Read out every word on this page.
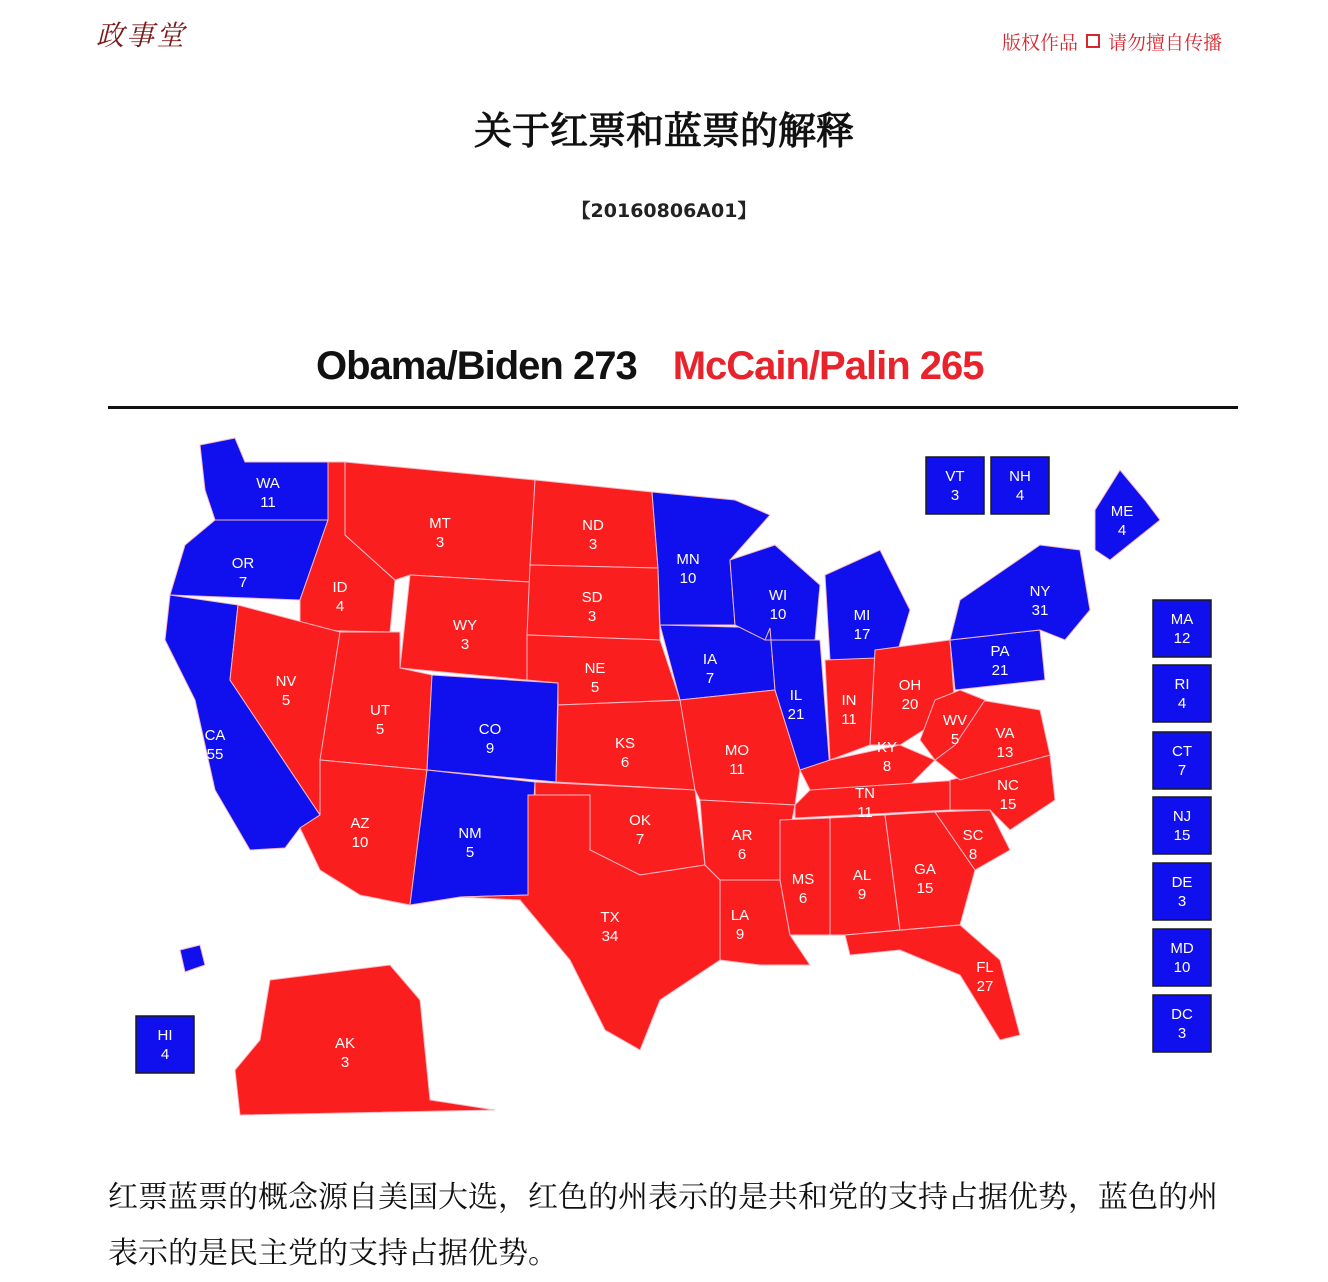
政事堂	版权作品 请勿擅自传播
关于红票和蓝票的解释
【20160806A01】
Obama/Biden 273 McCain/Palin 265
WA 11
OR 7
CA 55
ID 4
NV 5
MT 3
WY 3
UT 5	CO 9
AZ 10
NM 5
ND 3
SD 3
NE 5
KS 6
OK 7
TX 34
MN 10
IA 7
MO 11
AR 6
LA 9
WI 10
IL 21
MI 17
IN 11
OH 20
KY 8
TN 11
MS 6
AL 9
GA 15
FL 27
SC 8
NC 15
VA 13
WV 5
PA 21
NY 31
ME 4
AK 3
VT 3
NH 4
MA 12
RI 4
CT 7
NJ 15
DE 3
MD 10
DC 3
HI 4
红票蓝票的概念源自美国大选，红色的州表示的是共和党的支持占据优势，蓝色的州表示的是民主党的支持占据优势。
